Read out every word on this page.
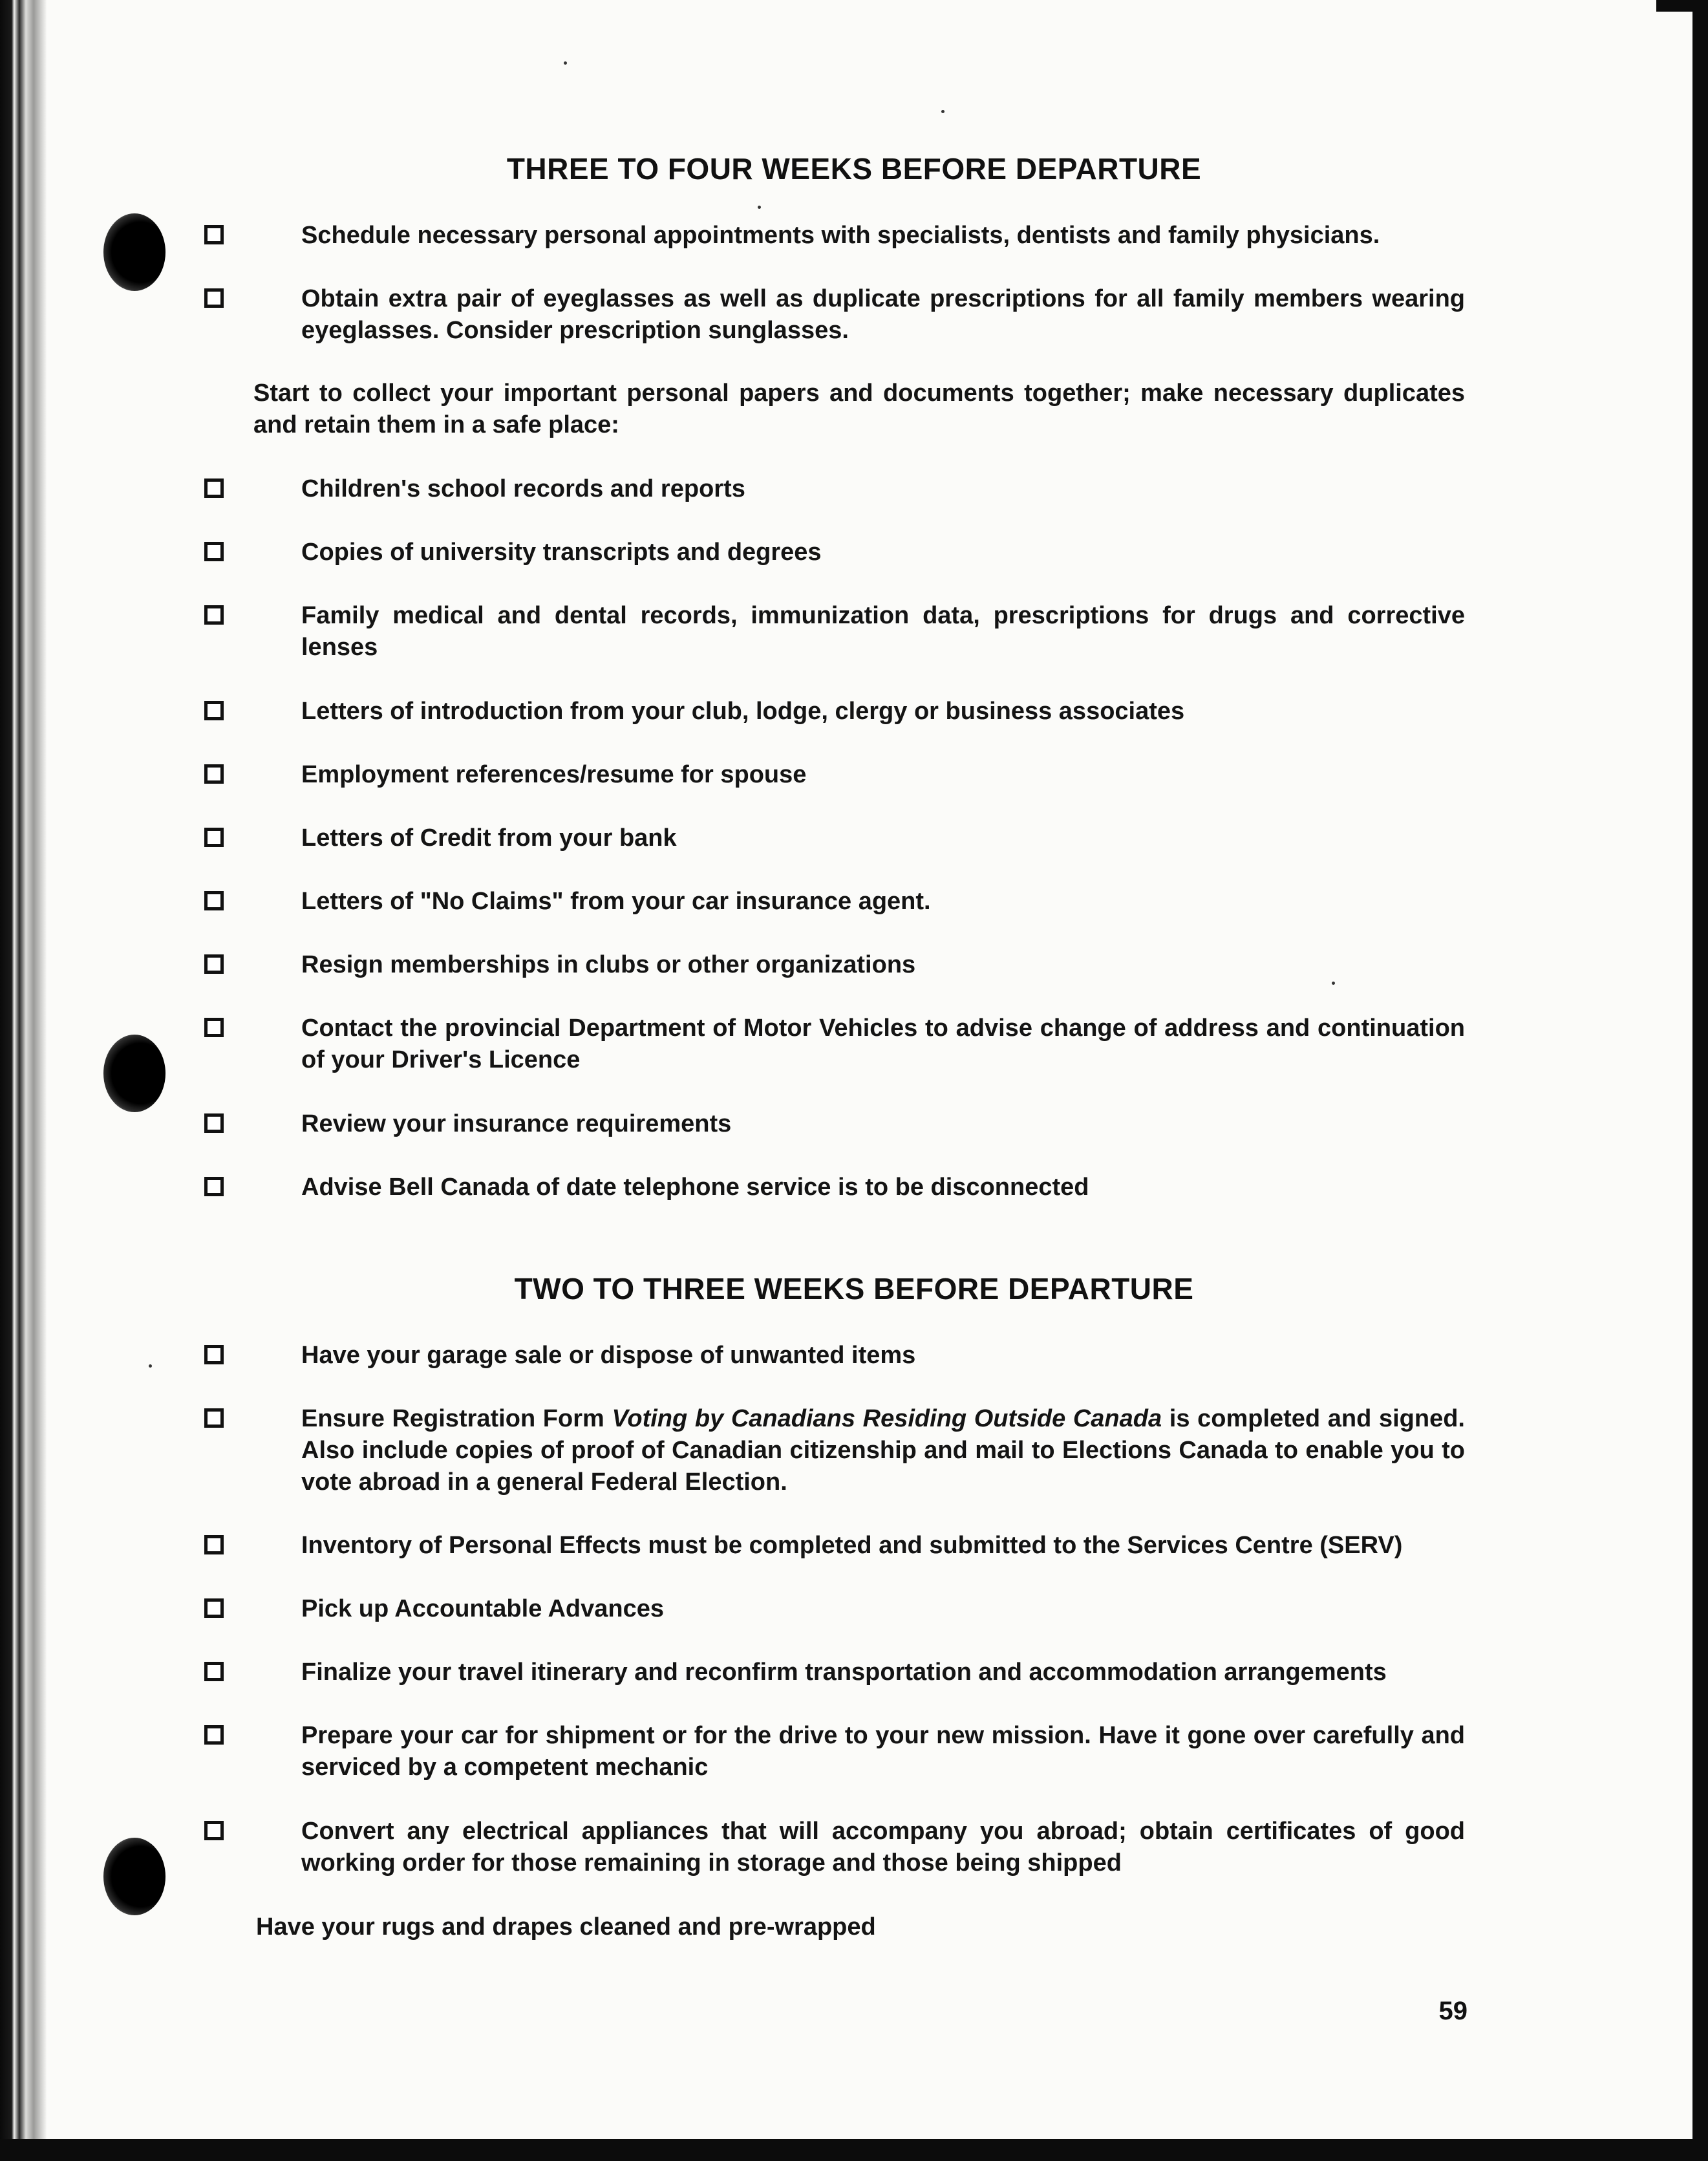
THREE TO FOUR WEEKS BEFORE DEPARTURE

Schedule necessary personal appointments with specialists, dentists and family physicians.

Obtain extra pair of eyeglasses as well as duplicate prescriptions for all family members wearing eyeglasses. Consider prescription sunglasses.

Start to collect your important personal papers and documents together; make necessary duplicates and retain them in a safe place:

Children's school records and reports

Copies of university transcripts and degrees

Family medical and dental records, immunization data, prescriptions for drugs and corrective lenses

Letters of introduction from your club, lodge, clergy or business associates

Employment references/resume for spouse

Letters of Credit from your bank

Letters of "No Claims" from your car insurance agent.

Resign memberships in clubs or other organizations

Contact the provincial Department of Motor Vehicles to advise change of address and continuation of your Driver's Licence

Review your insurance requirements

Advise Bell Canada of date telephone service is to be disconnected

TWO TO THREE WEEKS BEFORE DEPARTURE

Have your garage sale or dispose of unwanted items

Ensure Registration Form Voting by Canadians Residing Outside Canada is completed and signed. Also include copies of proof of Canadian citizenship and mail to Elections Canada to enable you to vote abroad in a general Federal Election.

Inventory of Personal Effects must be completed and submitted to the Services Centre (SERV)

Pick up Accountable Advances

Finalize your travel itinerary and reconfirm transportation and accommodation arrangements

Prepare your car for shipment or for the drive to your new mission. Have it gone over carefully and serviced by a competent mechanic

Convert any electrical appliances that will accompany you abroad; obtain certificates of good working order for those remaining in storage and those being shipped

Have your rugs and drapes cleaned and pre-wrapped

59
